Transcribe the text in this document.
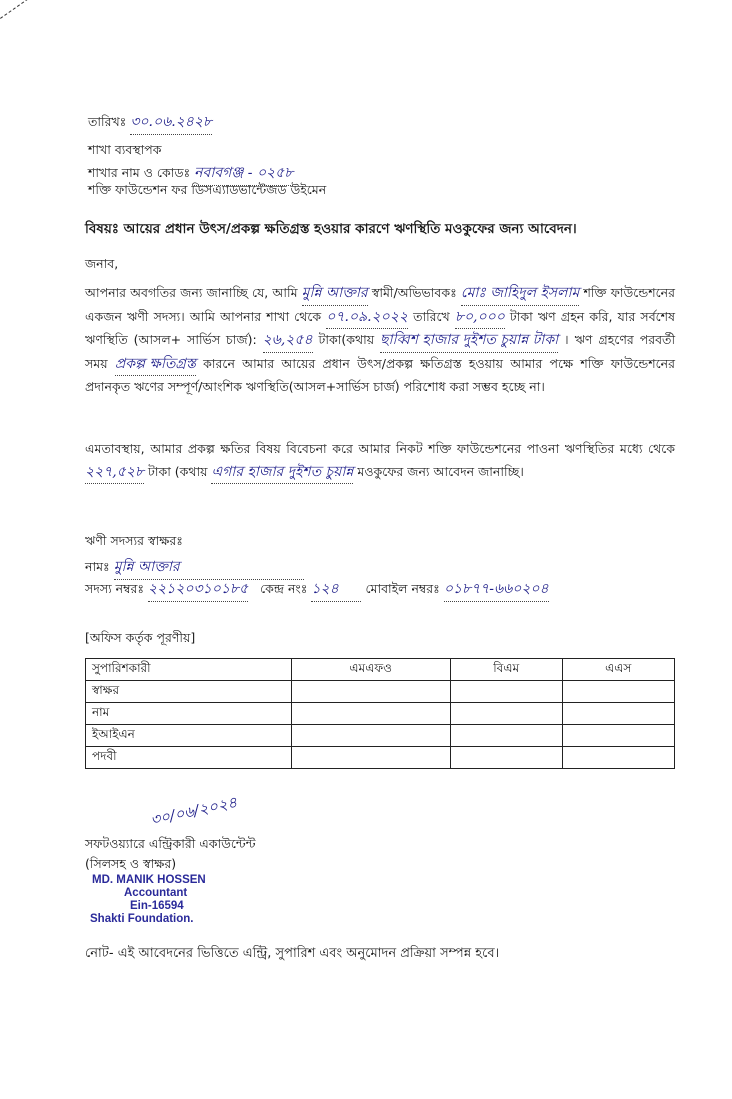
তারিখঃ ৩০.০৬.২৪২৮
শাখা ব্যবস্থাপক
শাখার নাম ও কোডঃ নবাবগঞ্জ - ০২৫৮
শক্তি ফাউন্ডেশন ফর ডিসএ্যাডভান্টেজড উইমেন
বিষয়ঃ আয়ের প্রধান উৎস/প্রকল্প ক্ষতিগ্রস্ত হওয়ার কারণে ঋণস্থিতি মওকুফের জন্য আবেদন।
জনাব,
আপনার অবগতির জন্য জানাচ্ছি যে, আমি মুন্নি আক্তার স্বামী/অভিভাবকঃ মোঃ জাহিদুল ইসলাম শক্তি ফাউন্ডেশনের একজন ঋণী সদস্য। আমি আপনার শাখা থেকে ০৭.০৯.২০২২ তারিখে ৮০,০০০ টাকা ঋণ গ্রহন করি, যার সর্বশেষ ঋণস্থিতি (আসল+ সার্ভিস চার্জ): ২৬,২৫৪ টাকা(কথায় ছাব্বিশ হাজার দুইশত চুয়ান্ন টাকা । ঋণ গ্রহণের পরবর্তী সময় প্রকল্প ক্ষতিগ্রস্ত কারনে আমার আয়ের প্রধান উৎস/প্রকল্প ক্ষতিগ্রস্ত হওয়ায় আমার পক্ষে শক্তি ফাউন্ডেশনের প্রদানকৃত ঋণের সম্পূর্ণ/আংশিক ঋণস্থিতি(আসল+সার্ভিস চার্জ) পরিশোধ করা সম্ভব হচ্ছে না।
এমতাবস্থায়, আমার প্রকল্প ক্ষতির বিষয় বিবেচনা করে আমার নিকট শক্তি ফাউন্ডেশনের পাওনা ঋণস্থিতির মধ্যে থেকে ২২৭,৫২৮ টাকা (কথায় এগার হাজার দুইশত চুয়ান্ন মওকুফের জন্য আবেদন জানাচ্ছি।
ঋণী সদস্যর স্বাক্ষরঃ
নামঃ মুন্নি আক্তার
সদস্য নম্বরঃ ২২১২০৩১০১৮৫ কেন্দ্র নংঃ ১২৪ মোবাইল নম্বরঃ ০১৮৭৭-৬৬০২০৪
[অফিস কর্তৃক পূরণীয়]
সুপারিশকারী	এমএফও	বিএম	এএস
স্বাক্ষর			
নাম			
ইআইএন			
পদবী			
৩০/০৬/২০২৪
সফটওয়্যারে এন্ট্রিকারী একাউন্টেন্ট
(সিলসহ ও স্বাক্ষর)
MD. MANIK HOSSEN
Accountant
Ein-16594
Shakti Foundation.
নোট- এই আবেদনের ভিত্তিতে এন্ট্রি, সুপারিশ এবং অনুমোদন প্রক্রিয়া সম্পন্ন হবে।
